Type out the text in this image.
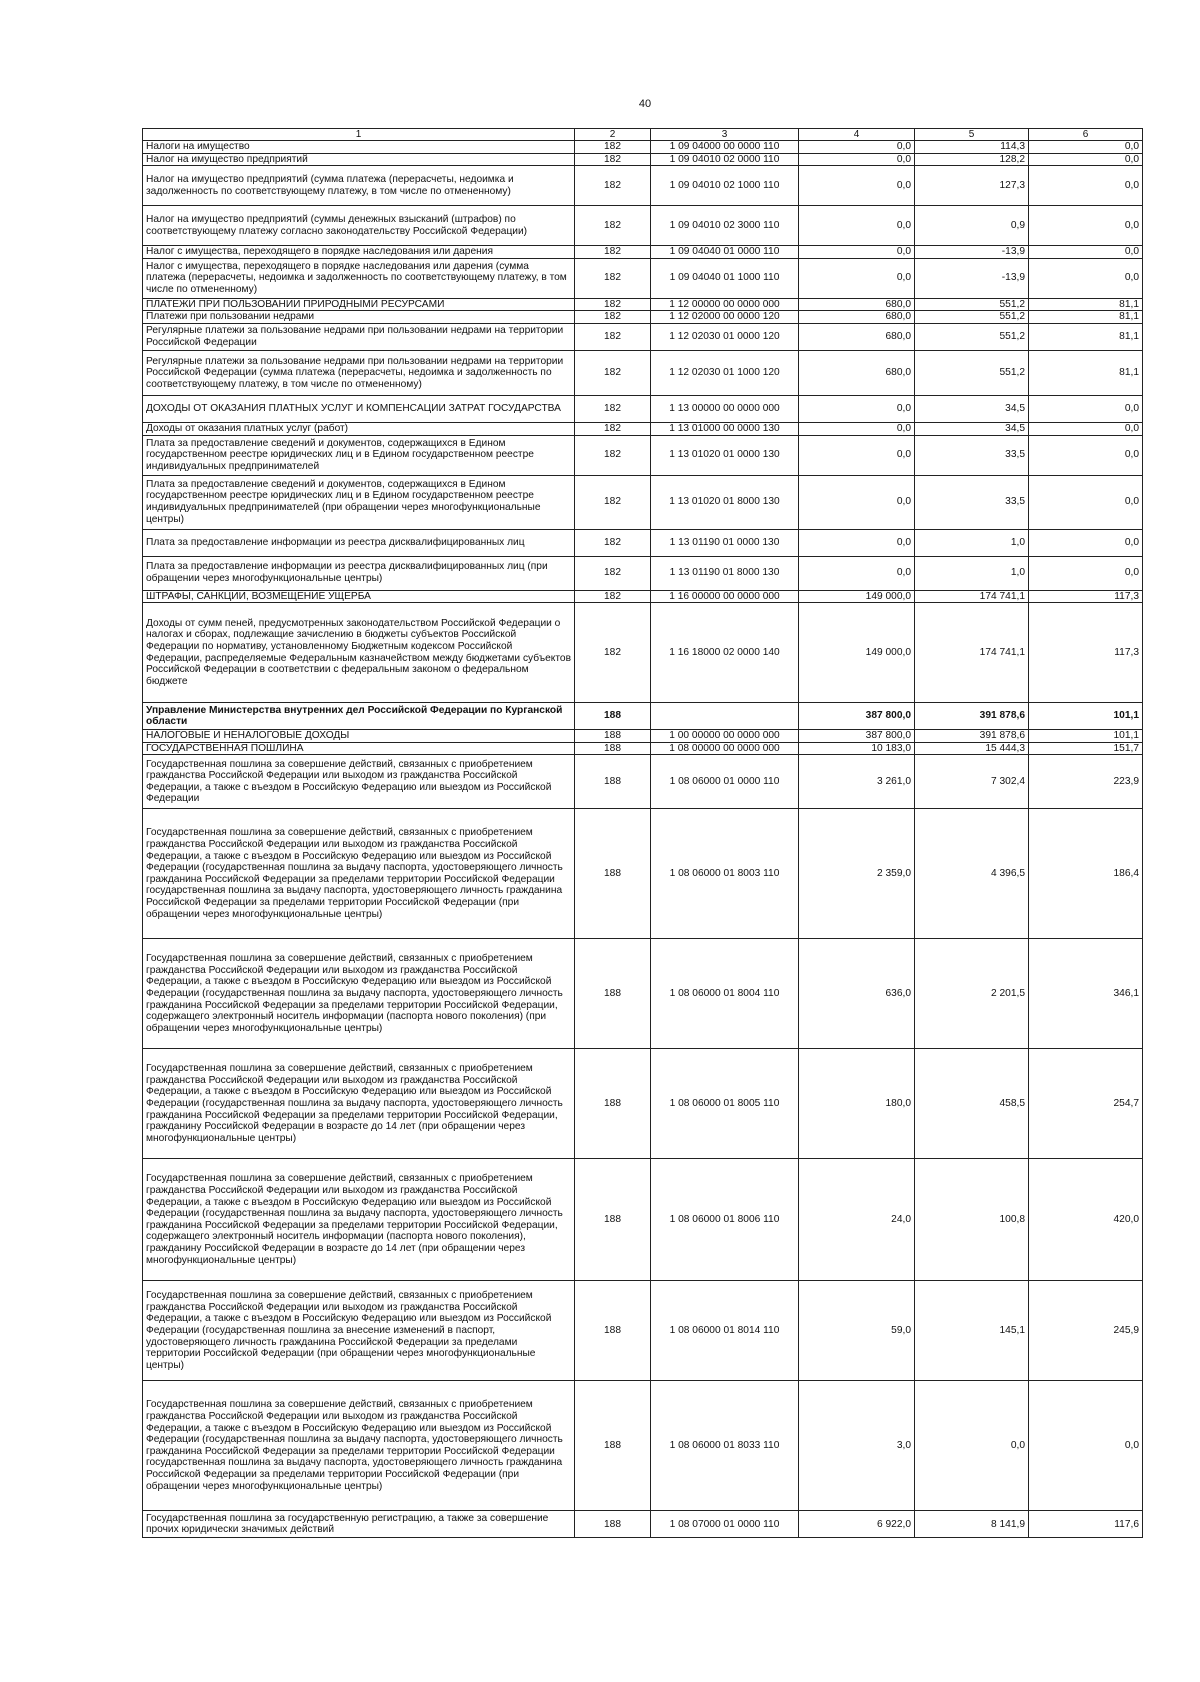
40
1	2	3	4	5	6
Налоги на имущество	182	1 09 04000 00 0000 110	0,0	114,3	0,0
Налог на имущество предприятий	182	1 09 04010 02 0000 110	0,0	128,2	0,0
Налог на имущество предприятий (сумма платежа (перерасчеты, недоимка и задолженность по соответствующему платежу, в том числе по отмененному)	182	1 09 04010 02 1000 110	0,0	127,3	0,0
Налог на имущество предприятий (суммы денежных взысканий (штрафов) по соответствующему платежу согласно законодательству Российской Федерации)	182	1 09 04010 02 3000 110	0,0	0,9	0,0
Налог с имущества, переходящего в порядке наследования или дарения	182	1 09 04040 01 0000 110	0,0	-13,9	0,0
Налог с имущества, переходящего в порядке наследования или дарения (сумма платежа (перерасчеты, недоимка и задолженность по соответствующему платежу, в том числе по отмененному)	182	1 09 04040 01 1000 110	0,0	-13,9	0,0
ПЛАТЕЖИ ПРИ ПОЛЬЗОВАНИИ ПРИРОДНЫМИ РЕСУРСАМИ	182	1 12 00000 00 0000 000	680,0	551,2	81,1
Платежи при пользовании недрами	182	1 12 02000 00 0000 120	680,0	551,2	81,1
Регулярные платежи за пользование недрами при пользовании недрами на территории Российской Федерации	182	1 12 02030 01 0000 120	680,0	551,2	81,1
Регулярные платежи за пользование недрами при пользовании недрами на территории Российской Федерации (сумма платежа (перерасчеты, недоимка и задолженность по соответствующему платежу, в том числе по отмененному)	182	1 12 02030 01 1000 120	680,0	551,2	81,1
ДОХОДЫ ОТ ОКАЗАНИЯ ПЛАТНЫХ УСЛУГ И КОМПЕНСАЦИИ ЗАТРАТ ГОСУДАРСТВА	182	1 13 00000 00 0000 000	0,0	34,5	0,0
Доходы от оказания платных услуг (работ)	182	1 13 01000 00 0000 130	0,0	34,5	0,0
Плата за предоставление сведений и документов, содержащихся в Едином государственном реестре юридических лиц и в Едином государственном реестре индивидуальных предпринимателей	182	1 13 01020 01 0000 130	0,0	33,5	0,0
Плата за предоставление сведений и документов, содержащихся в Едином государственном реестре юридических лиц и в Едином государственном реестре индивидуальных предпринимателей (при обращении через многофункциональные центры)	182	1 13 01020 01 8000 130	0,0	33,5	0,0
Плата за предоставление информации из реестра дисквалифицированных лиц	182	1 13 01190 01 0000 130	0,0	1,0	0,0
Плата за предоставление информации из реестра дисквалифицированных лиц (при обращении через многофункциональные центры)	182	1 13 01190 01 8000 130	0,0	1,0	0,0
ШТРАФЫ, САНКЦИИ, ВОЗМЕЩЕНИЕ УЩЕРБА	182	1 16 00000 00 0000 000	149 000,0	174 741,1	117,3
Доходы от сумм пеней, предусмотренных законодательством Российской Федерации о налогах и сборах, подлежащие зачислению в бюджеты субъектов Российской Федерации по нормативу, установленному Бюджетным кодексом Российской Федерации, распределяемые Федеральным казначейством между бюджетами субъектов Российской Федерации в соответствии с федеральным законом о федеральном бюджете	182	1 16 18000 02 0000 140	149 000,0	174 741,1	117,3
Управление Министерства внутренних дел Российской Федерации по Курганской области	188		387 800,0	391 878,6	101,1
НАЛОГОВЫЕ И НЕНАЛОГОВЫЕ ДОХОДЫ	188	1 00 00000 00 0000 000	387 800,0	391 878,6	101,1
ГОСУДАРСТВЕННАЯ ПОШЛИНА	188	1 08 00000 00 0000 000	10 183,0	15 444,3	151,7
Государственная пошлина за совершение действий, связанных с приобретением гражданства Российской Федерации или выходом из гражданства Российской Федерации, а также с въездом в Российскую Федерацию или выездом из Российской Федерации	188	1 08 06000 01 0000 110	3 261,0	7 302,4	223,9
Государственная пошлина за совершение действий, связанных с приобретением гражданства Российской Федерации или выходом из гражданства Российской Федерации, а также с въездом в Российскую Федерацию или выездом из Российской Федерации (государственная пошлина за выдачу паспорта, удостоверяющего личность гражданина Российской Федерации за пределами территории Российской Федерации государственная пошлина за выдачу паспорта, удостоверяющего личность гражданина Российской Федерации за пределами территории Российской Федерации (при обращении через многофункциональные центры)	188	1 08 06000 01 8003 110	2 359,0	4 396,5	186,4
Государственная пошлина за совершение действий, связанных с приобретением гражданства Российской Федерации или выходом из гражданства Российской Федерации, а также с въездом в Российскую Федерацию или выездом из Российской Федерации (государственная пошлина за выдачу паспорта, удостоверяющего личность гражданина Российской Федерации за пределами территории Российской Федерации, содержащего электронный носитель информации (паспорта нового поколения) (при обращении через многофункциональные центры)	188	1 08 06000 01 8004 110	636,0	2 201,5	346,1
Государственная пошлина за совершение действий, связанных с приобретением гражданства Российской Федерации или выходом из гражданства Российской Федерации, а также с въездом в Российскую Федерацию или выездом из Российской Федерации (государственная пошлина за выдачу паспорта, удостоверяющего личность гражданина Российской Федерации за пределами территории Российской Федерации, гражданину Российской Федерации в возрасте до 14 лет (при обращении через многофункциональные центры)	188	1 08 06000 01 8005 110	180,0	458,5	254,7
Государственная пошлина за совершение действий, связанных с приобретением гражданства Российской Федерации или выходом из гражданства Российской Федерации, а также с въездом в Российскую Федерацию или выездом из Российской Федерации (государственная пошлина за выдачу паспорта, удостоверяющего личность гражданина Российской Федерации за пределами территории Российской Федерации, содержащего электронный носитель информации (паспорта нового поколения), гражданину Российской Федерации в возрасте до 14 лет (при обращении через многофункциональные центры)	188	1 08 06000 01 8006 110	24,0	100,8	420,0
Государственная пошлина за совершение действий, связанных с приобретением гражданства Российской Федерации или выходом из гражданства Российской Федерации, а также с въездом в Российскую Федерацию или выездом из Российской Федерации (государственная пошлина за внесение изменений в паспорт, удостоверяющего личность гражданина Российской Федерации за пределами территории Российской Федерации (при обращении через многофункциональные центры)	188	1 08 06000 01 8014 110	59,0	145,1	245,9
Государственная пошлина за совершение действий, связанных с приобретением гражданства Российской Федерации или выходом из гражданства Российской Федерации, а также с въездом в Российскую Федерацию или выездом из Российской Федерации (государственная пошлина за выдачу паспорта, удостоверяющего личность гражданина Российской Федерации за пределами территории Российской Федерации государственная пошлина за выдачу паспорта, удостоверяющего личность гражданина Российской Федерации за пределами территории Российской Федерации (при обращении через многофункциональные центры)	188	1 08 06000 01 8033 110	3,0	0,0	0,0
Государственная пошлина за государственную регистрацию, а также за совершение прочих юридически значимых действий	188	1 08 07000 01 0000 110	6 922,0	8 141,9	117,6
